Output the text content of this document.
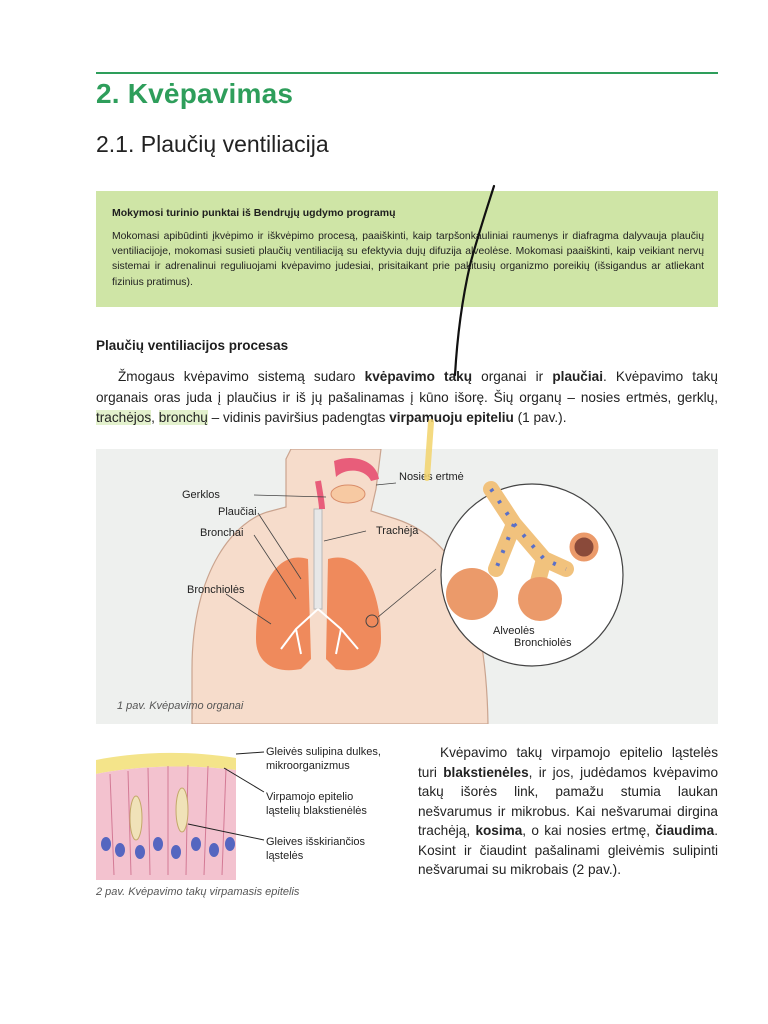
2. Kvėpavimas
2.1. Plaučių ventiliacija

Mokymosi turinio punktai iš Bendrųjų ugdymo programų

Mokomasi apibūdinti įkvėpimo ir iškvėpimo procesą, paaiškinti, kaip tarpšonkauliniai raumenys ir diafragma dalyvauja plaučių ventiliacijoje, mokomasi susieti plaučių ventiliaciją su efektyvia dujų difuzija alveolėse. Mokomasi paaiškinti, kaip veikiant nervų sistemai ir adrenalinui reguliuojami kvėpavimo judesiai, prisitaikant prie pakitusių organizmo poreikių (išsigandus ar atliekant fizinius pratimus).

Plaučių ventiliacijos procesas

Žmogaus kvėpavimo sistemą sudaro kvėpavimo takų organai ir plaučiai. Kvėpavimo takų organais oras juda į plaučius ir iš jų pašalinamas į kūno išorę. Šių organų – nosies ertmės, gerklų, trachėjos, bronchų – vidinis paviršius padengtas virpamuoju epiteliu (1 pav.).

Nosies ertmė
Gerklos
Plaučiai
Bronchai	Trachėja
Bronchiolės
Alveolės
Bronchiolės
1 pav. Kvėpavimo organai
Gleivės sulipina dulkes,
mikroorganizmus
Virpamojo epitelio
ląstelių blakstienėlės
Gleives išskiriančios
ląstelės
2 pav. Kvėpavimo takų virpamasis epitelis

Kvėpavimo takų virpamojo epitelio ląstelės turi blakstienėles, ir jos, judėdamos kvėpavimo takų išorės link, pamažu stumia laukan nešvarumus ir mikrobus. Kai nešvarumai dirgina trachėją, kosima, o kai nosies ertmę, čiaudima. Kosint ir čiaudint pašalinami gleivėmis sulipinti nešvarumai su mikrobais (2 pav.).
